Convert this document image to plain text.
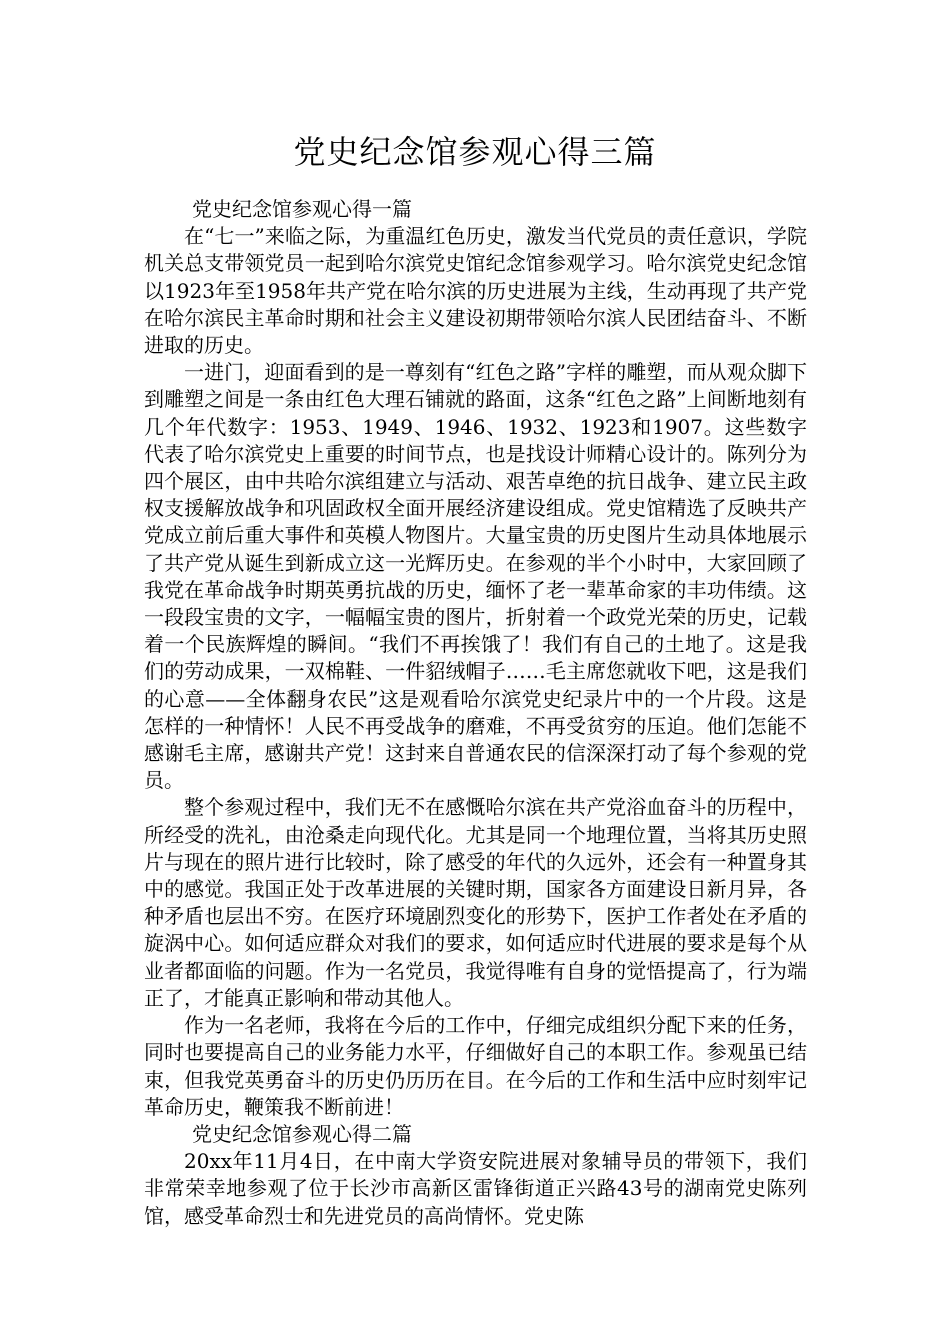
党史纪念馆参观心得三篇

党史纪念馆参观心得一篇

在“七一”来临之际，为重温红色历史，激发当代党员的责任意识，学院机关总支带领党员一起到哈尔滨党史馆纪念馆参观学习。哈尔滨党史纪念馆以1923年至1958年共产党在哈尔滨的历史进展为主线，生动再现了共产党在哈尔滨民主革命时期和社会主义建设初期带领哈尔滨人民团结奋斗、不断进取的历史。

一进门，迎面看到的是一尊刻有“红色之路”字样的雕塑，而从观众脚下到雕塑之间是一条由红色大理石铺就的路面，这条“红色之路”上间断地刻有几个年代数字：1953、1949、1946、1932、1923和1907。这些数字代表了哈尔滨党史上重要的时间节点，也是找设计师精心设计的。陈列分为四个展区，由中共哈尔滨组建立与活动、艰苦卓绝的抗日战争、建立民主政权支援解放战争和巩固政权全面开展经济建设组成。党史馆精选了反映共产党成立前后重大事件和英模人物图片。大量宝贵的历史图片生动具体地展示了共产党从诞生到新成立这一光辉历史。在参观的半个小时中，大家回顾了我党在革命战争时期英勇抗战的历史，缅怀了老一辈革命家的丰功伟绩。这一段段宝贵的文字，一幅幅宝贵的图片，折射着一个政党光荣的历史，记载着一个民族辉煌的瞬间。“我们不再挨饿了！我们有自己的土地了。这是我们的劳动成果，一双棉鞋、一件貂绒帽子……毛主席您就收下吧，这是我们的心意——全体翻身农民”这是观看哈尔滨党史纪录片中的一个片段。这是怎样的一种情怀！人民不再受战争的磨难，不再受贫穷的压迫。他们怎能不感谢毛主席，感谢共产党！这封来自普通农民的信深深打动了每个参观的党员。

整个参观过程中，我们无不在感慨哈尔滨在共产党浴血奋斗的历程中，所经受的洗礼，由沧桑走向现代化。尤其是同一个地理位置，当将其历史照片与现在的照片进行比较时，除了感受的年代的久远外，还会有一种置身其中的感觉。我国正处于改革进展的关键时期，国家各方面建设日新月异，各种矛盾也层出不穷。在医疗环境剧烈变化的形势下，医护工作者处在矛盾的旋涡中心。如何适应群众对我们的要求，如何适应时代进展的要求是每个从业者都面临的问题。作为一名党员，我觉得唯有自身的觉悟提高了，行为端正了，才能真正影响和带动其他人。

作为一名老师，我将在今后的工作中，仔细完成组织分配下来的任务，同时也要提高自己的业务能力水平，仔细做好自己的本职工作。参观虽已结束，但我党英勇奋斗的历史仍历历在目。在今后的工作和生活中应时刻牢记革命历史，鞭策我不断前进！

党史纪念馆参观心得二篇

20xx年11月4日，在中南大学资安院进展对象辅导员的带领下，我们非常荣幸地参观了位于长沙市高新区雷锋街道正兴路43号的湖南党史陈列馆，感受革命烈士和先进党员的高尚情怀。党史陈
